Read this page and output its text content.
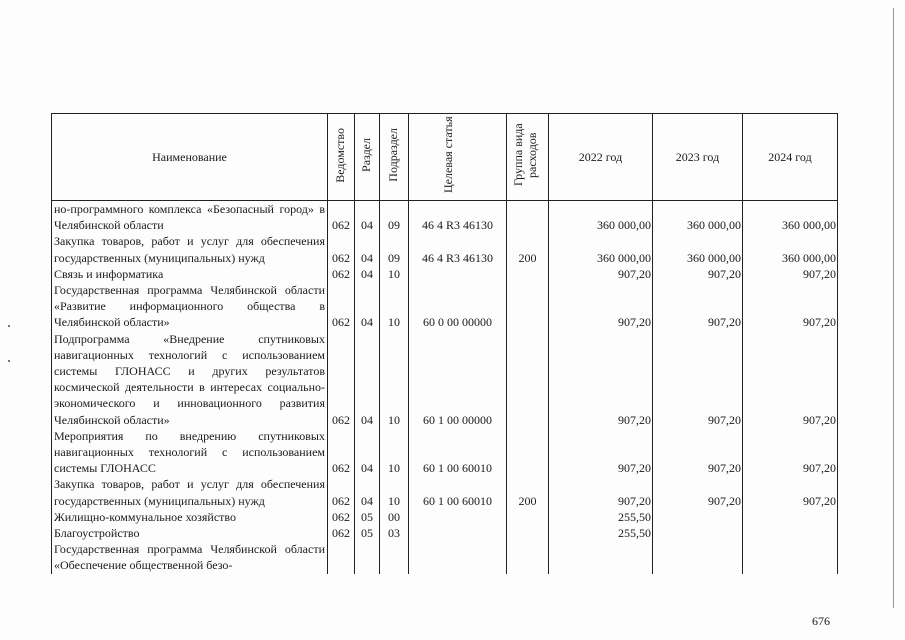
Наименование	Ведомство	Раздел	Подраздел	Целевая статья	Группа вида расходов	2022 год	2023 год	2024 год
но-программного комплекса «Безопасный город» в Челябинской области	062	04	09	46 4 R3 46130		360 000,00	360 000,00	360 000,00
Закупка товаров, работ и услуг для обеспечения государственных (муниципальных) нужд	062	04	09	46 4 R3 46130	200	360 000,00	360 000,00	360 000,00
Связь и информатика	062	04	10			907,20	907,20	907,20
Государственная программа Челябинской области «Развитие информационного общества в Челябинской области»	062	04	10	60 0 00 00000		907,20	907,20	907,20
Подпрограмма «Внедрение спутниковых навигационных технологий с использованием системы ГЛОНАСС и других результатов космической деятельности в интересах социально-экономического и инновационного развития Челябинской области»	062	04	10	60 1 00 00000		907,20	907,20	907,20
Мероприятия по внедрению спутниковых навигационных технологий с использованием системы ГЛОНАСС	062	04	10	60 1 00 60010		907,20	907,20	907,20
Закупка товаров, работ и услуг для обеспечения государственных (муниципальных) нужд	062	04	10	60 1 00 60010	200	907,20	907,20	907,20
Жилищно-коммунальное хозяйство	062	05	00			255,50		
Благоустройство	062	05	03			255,50		
Государственная программа Челябинской области «Обеспечение общественной безо-								
676
